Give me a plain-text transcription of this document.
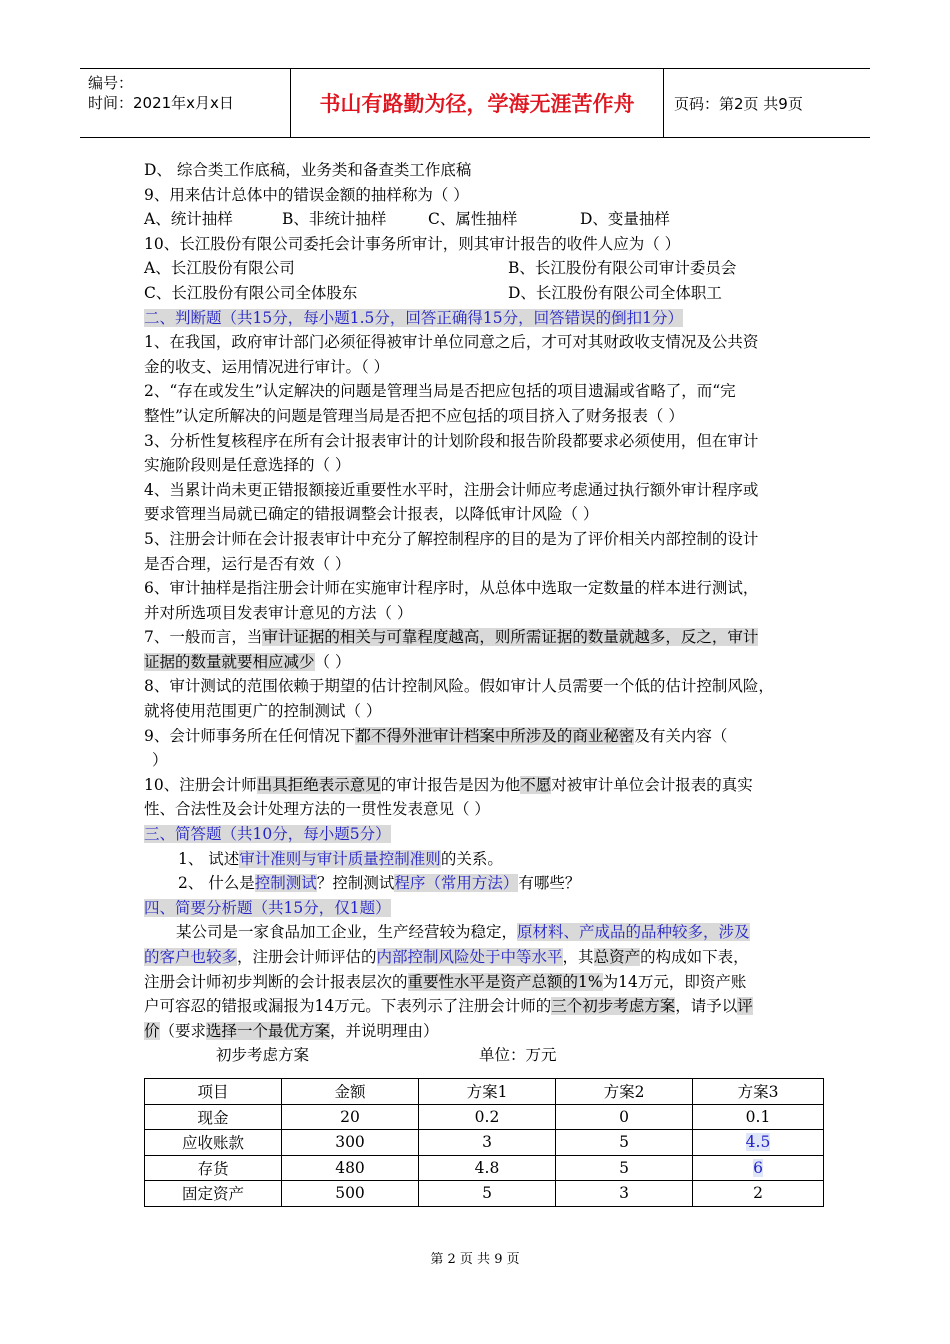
编号：
时间：2021年x月x日	书山有路勤为径，学海无涯苦作舟	页码：第2页 共9页
D、 综合类工作底稿，业务类和备查类工作底稿
9、用来估计总体中的错误金额的抽样称为（ ）
A、统计抽样	B、非统计抽样	C、属性抽样	D、变量抽样
10、长江股份有限公司委托会计事务所审计，则其审计报告的收件人应为（ ）
A、长江股份有限公司	B、长江股份有限公司审计委员会
C、长江股份有限公司全体股东	D、长江股份有限公司全体职工
二、判断题（共15分，每小题1.5分，回答正确得15分，回答错误的倒扣1分）
1、在我国，政府审计部门必须征得被审计单位同意之后，才可对其财政收支情况及公共资
金的收支、运用情况进行审计。（ ）
2、“存在或发生”认定解决的问题是管理当局是否把应包括的项目遗漏或省略了，而“完
整性”认定所解决的问题是管理当局是否把不应包括的项目挤入了财务报表（ ）
3、分析性复核程序在所有会计报表审计的计划阶段和报告阶段都要求必须使用，但在审计
实施阶段则是任意选择的（ ）
4、当累计尚未更正错报额接近重要性水平时，注册会计师应考虑通过执行额外审计程序或
要求管理当局就已确定的错报调整会计报表，以降低审计风险（ ）
5、注册会计师在会计报表审计中充分了解控制程序的目的是为了评价相关内部控制的设计
是否合理，运行是否有效（ ）
6、审计抽样是指注册会计师在实施审计程序时，从总体中选取一定数量的样本进行测试，
并对所选项目发表审计意见的方法（ ）
7、一般而言，当审计证据的相关与可靠程度越高，则所需证据的数量就越多，反之，审计
证据的数量就要相应减少（ ）
8、审计测试的范围依赖于期望的估计控制风险。假如审计人员需要一个低的估计控制风险，
就将使用范围更广的控制测试（ ）
9、会计师事务所在任何情况下都不得外泄审计档案中所涉及的商业秘密及有关内容（
）
10、注册会计师出具拒绝表示意见的审计报告是因为他不愿对被审计单位会计报表的真实
性、合法性及会计处理方法的一贯性发表意见（ ）
三、简答题（共10分，每小题5分）
1、 试述审计准则与审计质量控制准则的关系。
2、 什么是控制测试？控制测试程序（常用方法）有哪些？
四、简要分析题（共15分，仅1题）
某公司是一家食品加工企业，生产经营较为稳定，原材料、产成品的品种较多，涉及
的客户也较多，注册会计师评估的内部控制风险处于中等水平，其总资产的构成如下表，
注册会计师初步判断的会计报表层次的重要性水平是资产总额的1%为14万元，即资产账
户可容忍的错报或漏报为14万元。下表列示了注册会计师的三个初步考虑方案，请予以评
价（要求选择一个最优方案，并说明理由）
初步考虑方案	单位：万元
项目	金额	方案1	方案2	方案3
现金	20	0.2	0	0.1
应收账款	300	3	5	4.5
存货	480	4.8	5	6
固定资产	500	5	3	2
第 2 页 共 9 页
